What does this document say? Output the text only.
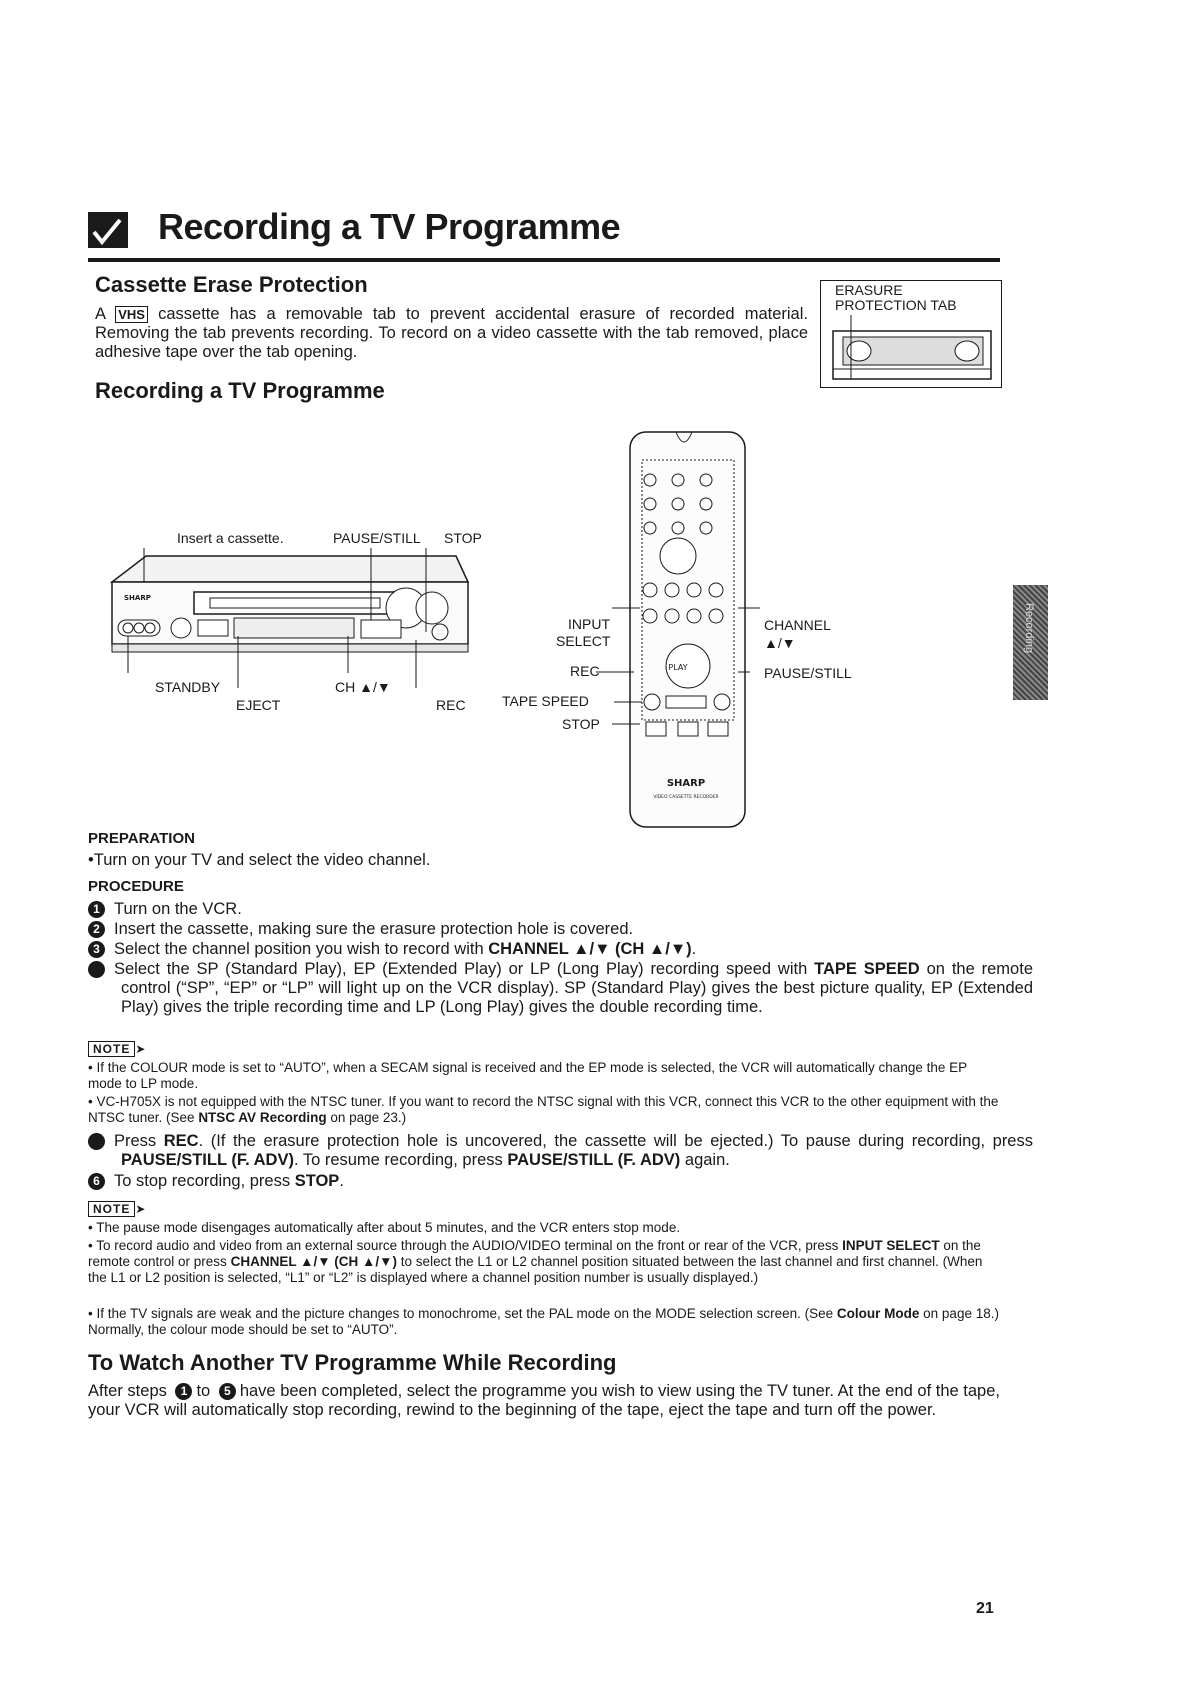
Recording a TV Programme
Cassette Erase Protection
A VHS cassette has a removable tab to prevent accidental erasure of recorded material. Removing the tab prevents recording. To record on a video cassette with the tab removed, place adhesive tape over the tab opening.
ERASURE
PROTECTION TAB
Recording a TV Programme
Insert a cassette.	PAUSE/STILL STOP
SHARP
STANDBY	CH ▲/▼
EJECT	REC
PLAY
SHARP
VIDEO CASSETTE RECORDER
INPUT
SELECT
CHANNEL
▲/▼
REC	PAUSE/STILL
TAPE SPEED
STOP
PREPARATION
•Turn on your TV and select the video channel.
PROCEDURE
1 Turn on the VCR.
2 Insert the cassette, making sure the erasure protection hole is covered.
3 Select the channel position you wish to record with CHANNEL ▲/▼ (CH ▲/▼).
4 Select the SP (Standard Play), EP (Extended Play) or LP (Long Play) recording speed with TAPE SPEED on the remote control (“SP”, “EP” or “LP” will light up on the VCR display). SP (Standard Play) gives the best picture quality, EP (Extended Play) gives the triple recording time and LP (Long Play) gives the double recording time.
NOTE ➤
• If the COLOUR mode is set to “AUTO”, when a SECAM signal is received and the EP mode is selected, the VCR will automatically change the EP mode to LP mode.
• VC-H705X is not equipped with the NTSC tuner. If you want to record the NTSC signal with this VCR, connect this VCR to the other equipment with the NTSC tuner. (See NTSC AV Recording on page 23.)
5 Press REC. (If the erasure protection hole is uncovered, the cassette will be ejected.) To pause during recording, press PAUSE/STILL (F. ADV). To resume recording, press PAUSE/STILL (F. ADV) again.
6 To stop recording, press STOP.
NOTE ➤
• The pause mode disengages automatically after about 5 minutes, and the VCR enters stop mode.
• To record audio and video from an external source through the AUDIO/VIDEO terminal on the front or rear of the VCR, press INPUT SELECT on the remote control or press CHANNEL ▲/▼ (CH ▲/▼) to select the L1 or L2 channel position situated between the last channel and first channel. (When the L1 or L2 position is selected, “L1” or “L2” is displayed where a channel position number is usually displayed.)
• If the TV signals are weak and the picture changes to monochrome, set the PAL mode on the MODE selection screen. (See Colour Mode on page 18.) Normally, the colour mode should be set to “AUTO”.
To Watch Another TV Programme While Recording
After steps 1 to 5 have been completed, select the programme you wish to view using the TV tuner. At the end of the tape, your VCR will automatically stop recording, rewind to the beginning of the tape, eject the tape and turn off the power.
Recording
21
